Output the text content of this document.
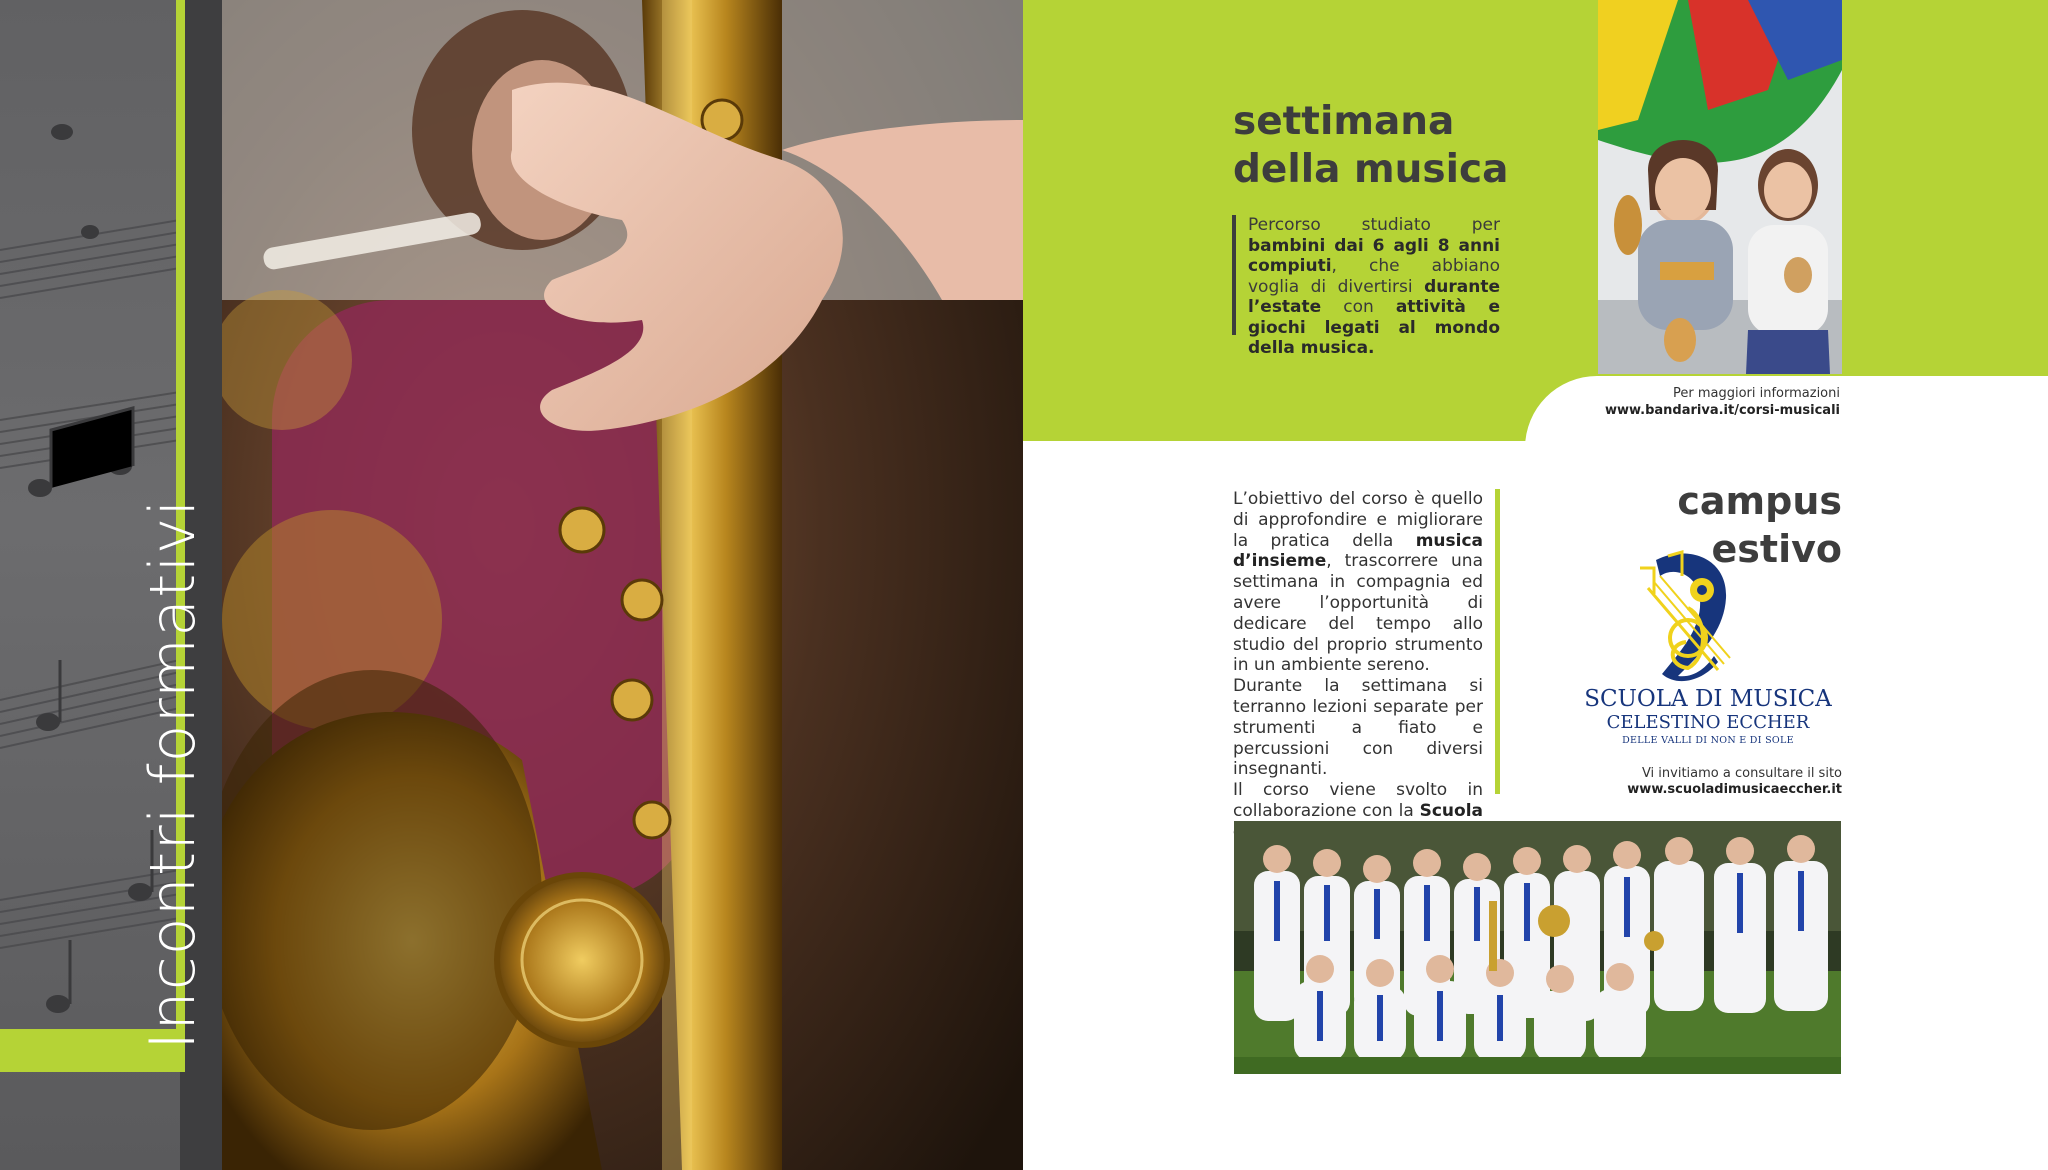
Incontri formativi
settimana
della musica
Percorso studiato per bambini dai 6 agli 8 anni compiuti, che abbiano voglia di divertirsi durante l’estate con attività e giochi legati al mondo della musica.
Per maggiori informazioni
www.bandariva.it/corsi-musicali
L’obiettivo del corso è quello di approfondire e migliorare la pratica della musica d’insieme, trascorrere una settimana in compagnia ed avere l’opportunità di dedicare del tempo allo studio del proprio strumento in un ambiente sereno.
Durante la settimana si terranno lezioni separate per strumenti a fiato e percussioni con diversi insegnanti.
Il corso viene svolto in collaborazione con la Scuola
campus
estivo
SCUOLA DI MUSICA
CELESTINO ECCHER
DELLE VALLI DI NON E DI SOLE
Vi invitiamo a consultare il sito
www.scuoladimusicaeccher.it
